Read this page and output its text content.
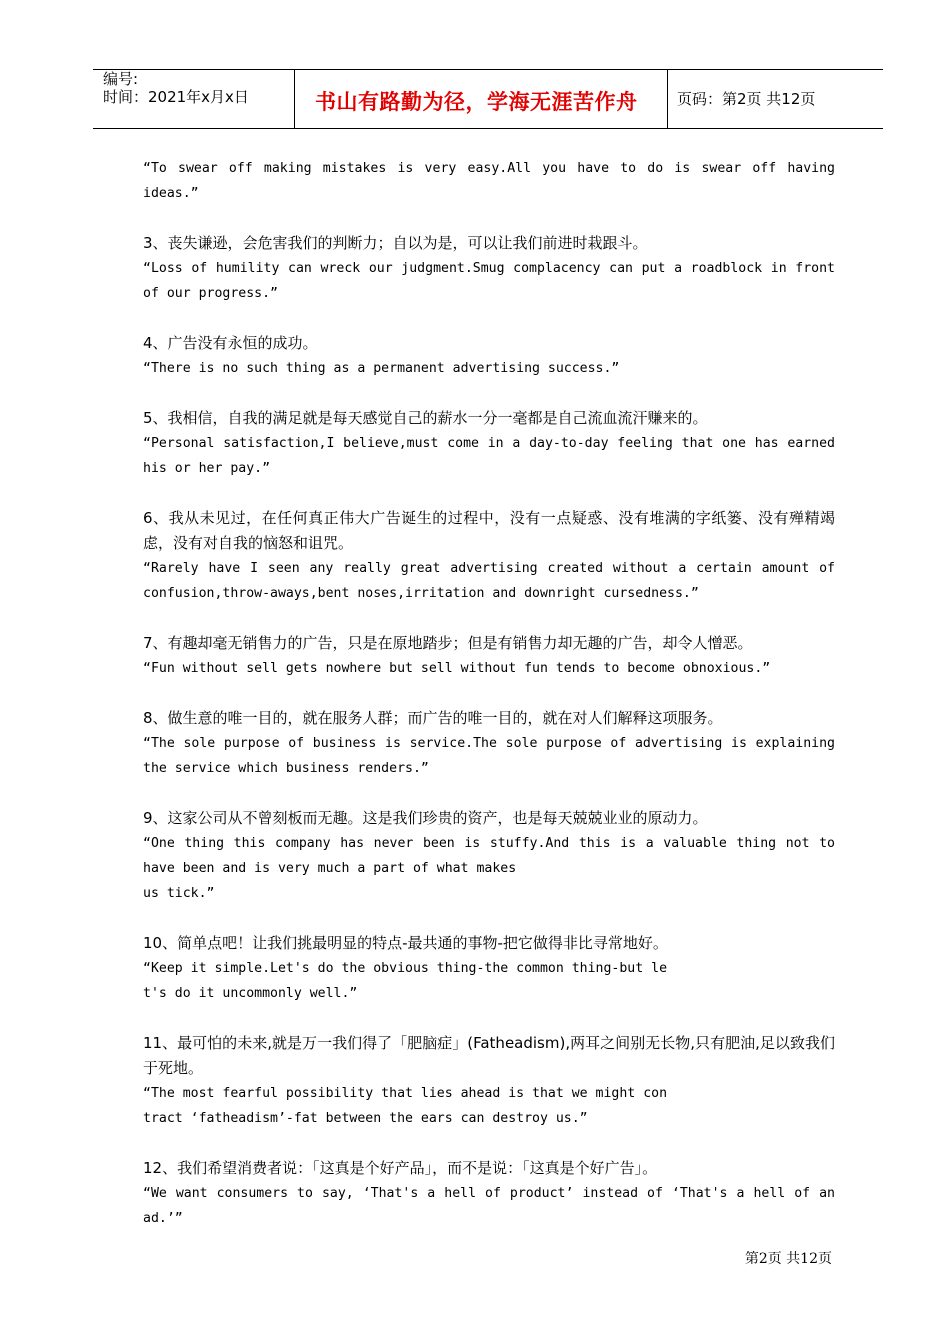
编号:
时间：2021年x月x日	书山有路勤为径，学海无涯苦作舟	页码：第2页 共12页
“To swear off making mistakes is very easy.All you have to do is swear off having ideas.”
3、丧失谦逊，会危害我们的判断力；自以为是，可以让我们前进时栽跟斗。
“Loss of humility can wreck our judgment.Smug complacency can put a roadblock in front of our progress.”
4、广告没有永恒的成功。
“There is no such thing as a permanent advertising success.”
5、我相信，自我的满足就是每天感觉自己的薪水一分一毫都是自己流血流汗赚来的。
“Personal satisfaction,I believe,must come in a day-to-day feeling that one has earned his or her pay.”
6、我从未见过，在任何真正伟大广告诞生的过程中，没有一点疑惑、没有堆满的字纸篓、没有殚精竭虑，没有对自我的恼怒和诅咒。
“Rarely have I seen any really great advertising created without a certain amount of confusion,throw-aways,bent noses,irritation and downright cursedness.”
7、有趣却毫无销售力的广告，只是在原地踏步；但是有销售力却无趣的广告，却令人憎恶。
“Fun without sell gets nowhere but sell without fun tends to become obnoxious.”
8、做生意的唯一目的，就在服务人群；而广告的唯一目的，就在对人们解释这项服务。
“The sole purpose of business is service.The sole purpose of advertising is explaining the service which business renders.”
9、这家公司从不曾刻板而无趣。这是我们珍贵的资产，也是每天兢兢业业的原动力。
“One thing this company has never been is stuffy.And this is a valuable thing not to have been and is very much a part of what makes
us tick.”
10、简单点吧！让我们挑最明显的特点-最共通的事物-把它做得非比寻常地好。
“Keep it simple.Let's do the obvious thing-the common thing-but le
t's do it uncommonly well.”
11、最可怕的未来,就是万一我们得了「肥脑症」(Fatheadism),两耳之间别无长物,只有肥油,足以致我们于死地。
“The most fearful possibility that lies ahead is that we might con
tract ‘fatheadism’-fat between the ears can destroy us.”
12、我们希望消费者说：「这真是个好产品」，而不是说：「这真是个好广告」。
“We want consumers to say, ‘That's a hell of product’ instead of ‘That's a hell of an ad.’”
第2页 共12页
